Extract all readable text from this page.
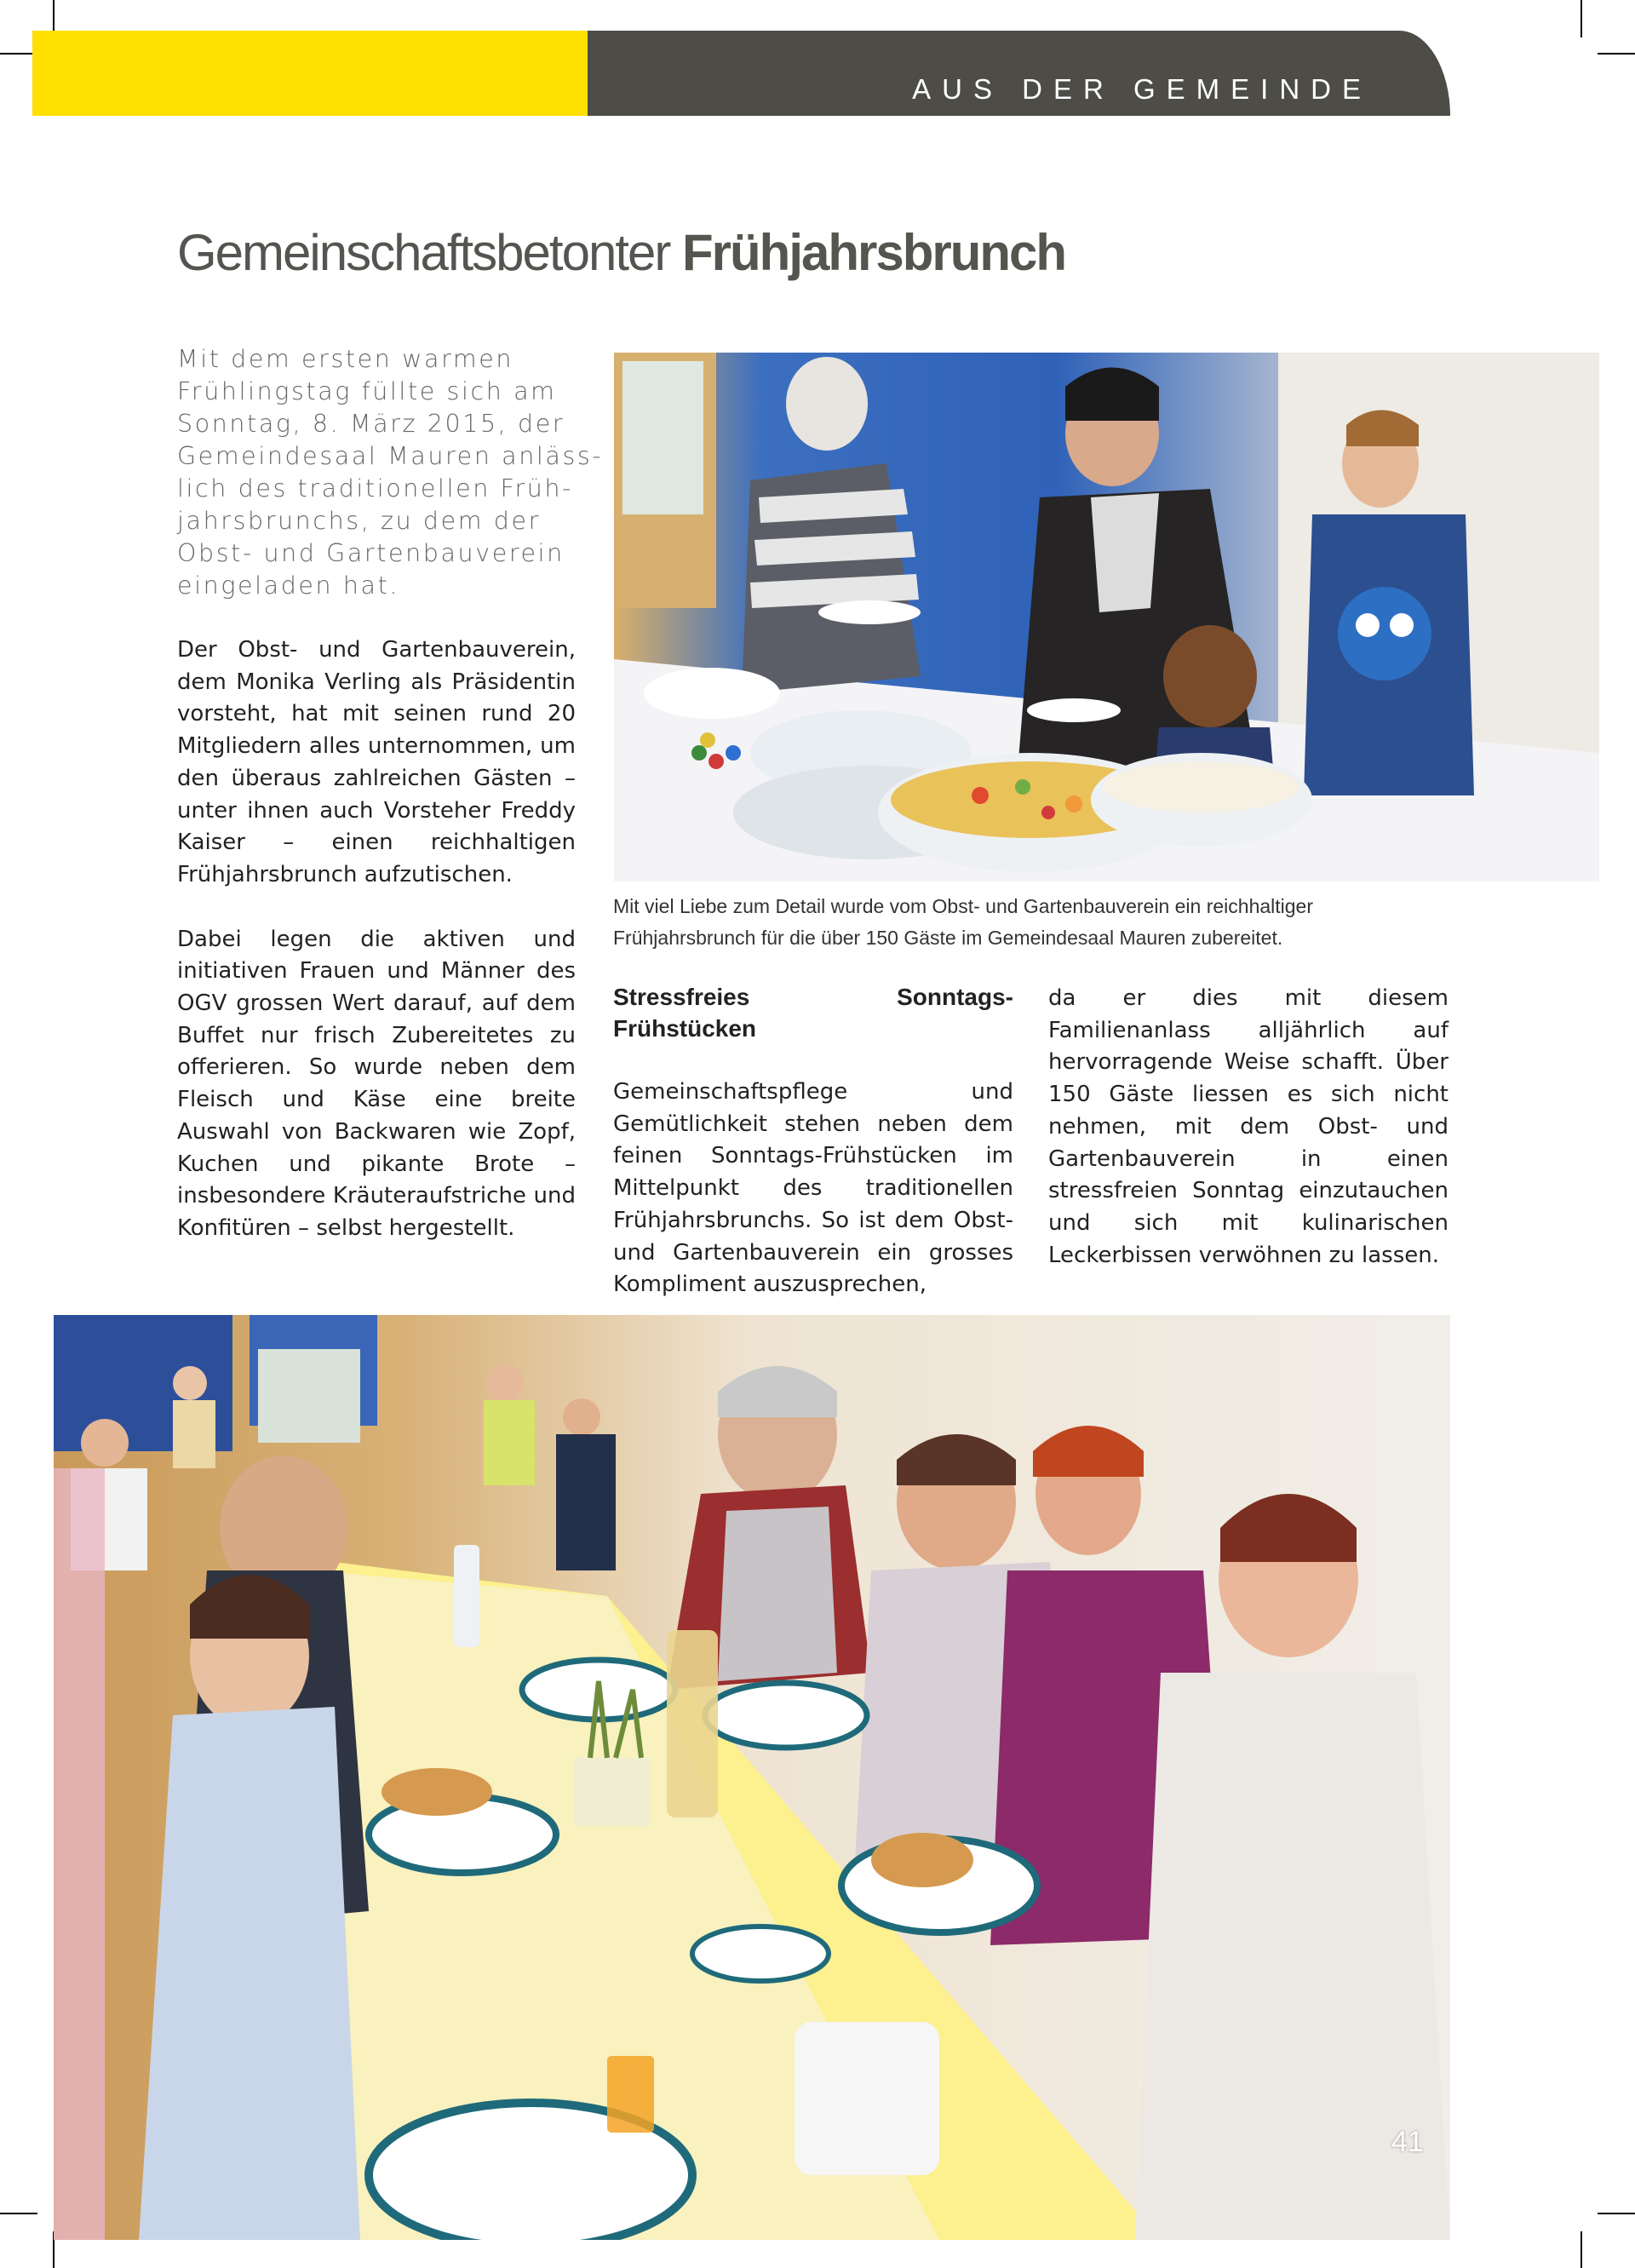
AUS DER GEMEINDE
Gemeinschaftsbetonter Frühjahrsbrunch
Mit dem ersten warmen
Frühlingstag füllte sich am
Sonntag, 8. März 2015, der
Gemeindesaal Mauren anläss-
lich des traditionellen Früh-
jahrsbrunchs, zu dem der
Obst- und Gartenbauverein
eingeladen hat.

Der Obst- und Gartenbauverein, dem Monika Verling als Präsidentin vorsteht, hat mit seinen rund 20 Mitgliedern alles unternommen, um den überaus zahlreichen Gästen – unter ihnen auch Vorsteher Freddy Kaiser – einen reichhaltigen Frühjahrsbrunch aufzutischen.

Dabei legen die aktiven und initiativen Frauen und Männer des OGV grossen Wert darauf, auf dem Buffet nur frisch Zubereitetes zu offerieren. So wurde neben dem Fleisch und Käse eine breite Auswahl von Backwaren wie Zopf, Kuchen und pikante Brote – insbesondere Kräuteraufstriche und Konfitüren – selbst hergestellt.

Mit viel Liebe zum Detail wurde vom Obst- und Gartenbauverein ein reichhaltiger Frühjahrsbrunch für die über 150 Gäste im Gemeindesaal Mauren zubereitet.
Stressfreies Sonntags-Frühstücken

Gemeinschaftspflege und Gemütlichkeit stehen neben dem feinen Sonntags-Frühstücken im Mittelpunkt des traditionellen Frühjahrsbrunchs. So ist dem Obst- und Gartenbauverein ein grosses Kompliment auszusprechen,

da er dies mit diesem Familienanlass alljährlich auf hervorragende Weise schafft. Über 150 Gäste liessen es sich nicht nehmen, mit dem Obst- und Gartenbauverein in einen stressfreien Sonntag einzutauchen und sich mit kulinarischen Leckerbissen verwöhnen zu lassen.

41
